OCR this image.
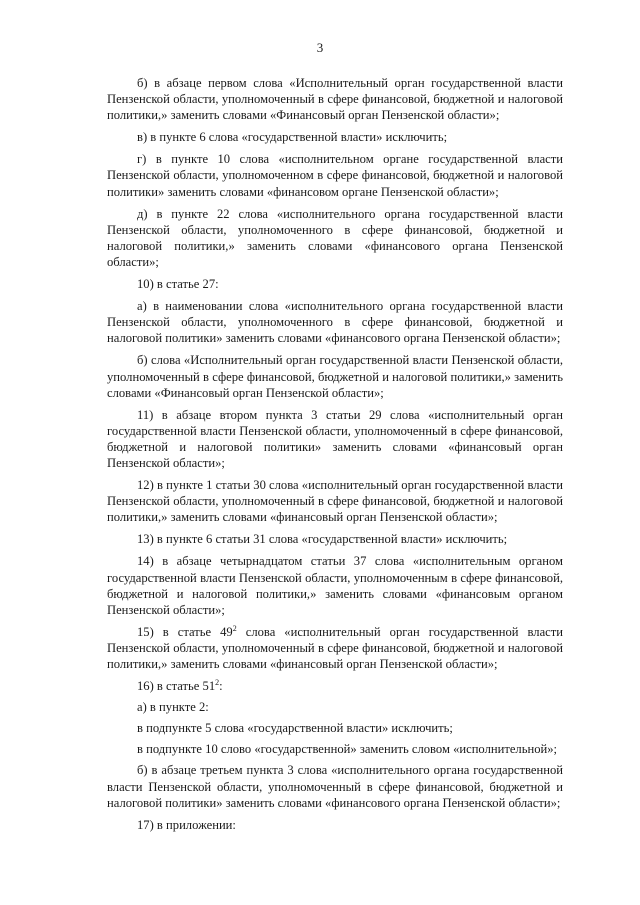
3

б) в абзаце первом слова «Исполнительный орган государственной власти Пензенской области, уполномоченный в сфере финансовой, бюджетной и налоговой политики,» заменить словами «Финансовый орган Пензенской области»;

в) в пункте 6 слова «государственной власти» исключить;

г) в пункте 10 слова «исполнительном органе государственной власти Пензенской области, уполномоченном в сфере финансовой, бюджетной и налоговой политики» заменить словами «финансовом органе Пензенской области»;

д) в пункте 22 слова «исполнительного органа государственной власти Пензенской области, уполномоченного в сфере финансовой, бюджетной и налоговой политики,» заменить словами «финансового органа Пензенской области»;

10) в статье 27:

а) в наименовании слова «исполнительного органа государственной власти Пензенской области, уполномоченного в сфере финансовой, бюджетной и налоговой политики» заменить словами «финансового органа Пензенской области»;

б) слова «Исполнительный орган государственной власти Пензенской области, уполномоченный в сфере финансовой, бюджетной и налоговой политики,» заменить словами «Финансовый орган Пензенской области»;

11) в абзаце втором пункта 3 статьи 29 слова «исполнительный орган государственной власти Пензенской области, уполномоченный в сфере финансовой, бюджетной и налоговой политики» заменить словами «финансовый орган Пензенской области»;

12) в пункте 1 статьи 30 слова «исполнительный орган государственной власти Пензенской области, уполномоченный в сфере финансовой, бюджетной и налоговой политики,» заменить словами «финансовый орган Пензенской области»;

13) в пункте 6 статьи 31 слова «государственной власти» исключить;

14) в абзаце четырнадцатом статьи 37 слова «исполнительным органом государственной власти Пензенской области, уполномоченным в сфере финансовой, бюджетной и налоговой политики,» заменить словами «финансовым органом Пензенской области»;

15) в статье $49^2$ слова «исполнительный орган государственной власти Пензенской области, уполномоченный в сфере финансовой, бюджетной и налоговой политики,» заменить словами «финансовый орган Пензенской области»;

16) в статье $51^2$:

а) в пункте 2:

в подпункте 5 слова «государственной власти» исключить;

в подпункте 10 слово «государственной» заменить словом «исполнительной»;

б) в абзаце третьем пункта 3 слова «исполнительного органа государственной власти Пензенской области, уполномоченный в сфере финансовой, бюджетной и налоговой политики» заменить словами «финансового органа Пензенской области»;

17) в приложении:
